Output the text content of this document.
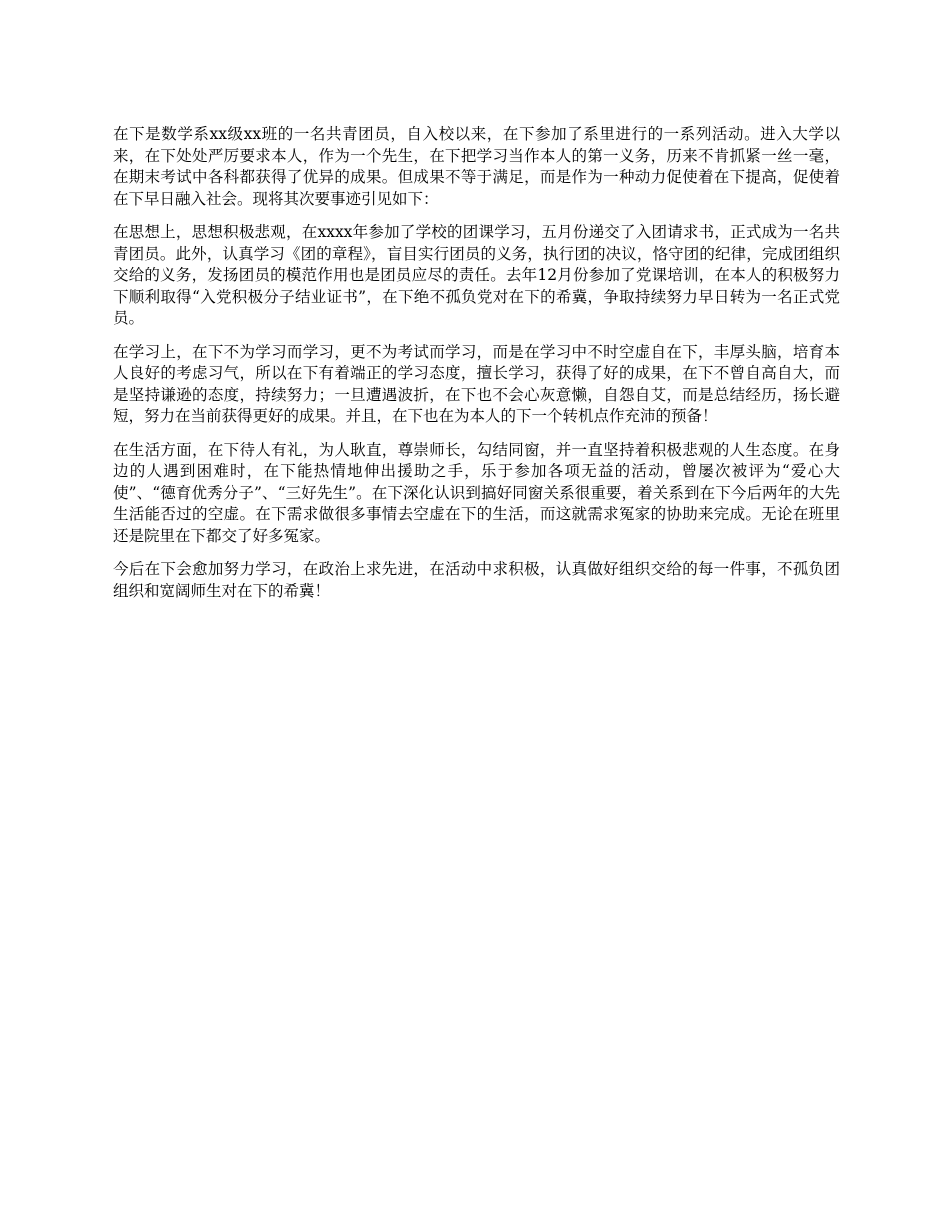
在下是数学系xx级xx班的一名共青团员，自入校以来，在下参加了系里进行的一系列活动。进入大学以来，在下处处严厉要求本人，作为一个先生，在下把学习当作本人的第一义务，历来不肯抓紧一丝一毫，在期末考试中各科都获得了优异的成果。但成果不等于满足，而是作为一种动力促使着在下提高，促使着在下早日融入社会。现将其次要事迹引见如下：

在思想上，思想积极悲观，在xxxx年参加了学校的团课学习，五月份递交了入团请求书，正式成为一名共青团员。此外，认真学习《团的章程》，盲目实行团员的义务，执行团的决议，恪守团的纪律，完成团组织交给的义务，发扬团员的模范作用也是团员应尽的责任。去年12月份参加了党课培训，在本人的积极努力下顺利取得“入党积极分子结业证书”，在下绝不孤负党对在下的希冀，争取持续努力早日转为一名正式党员。

在学习上，在下不为学习而学习，更不为考试而学习，而是在学习中不时空虚自在下，丰厚头脑，培育本人良好的考虑习气，所以在下有着端正的学习态度，擅长学习，获得了好的成果，在下不曾自高自大，而是坚持谦逊的态度，持续努力；一旦遭遇波折，在下也不会心灰意懒，自怨自艾，而是总结经历，扬长避短，努力在当前获得更好的成果。并且，在下也在为本人的下一个转机点作充沛的预备！

在生活方面，在下待人有礼，为人耿直，尊崇师长，勾结同窗，并一直坚持着积极悲观的人生态度。在身边的人遇到困难时，在下能热情地伸出援助之手，乐于参加各项无益的活动，曾屡次被评为“爱心大使”、“德育优秀分子”、“三好先生”。在下深化认识到搞好同窗关系很重要，着关系到在下今后两年的大先生活能否过的空虚。在下需求做很多事情去空虚在下的生活，而这就需求冤家的协助来完成。无论在班里还是院里在下都交了好多冤家。

今后在下会愈加努力学习，在政治上求先进，在活动中求积极，认真做好组织交给的每一件事，不孤负团组织和宽阔师生对在下的希冀！
